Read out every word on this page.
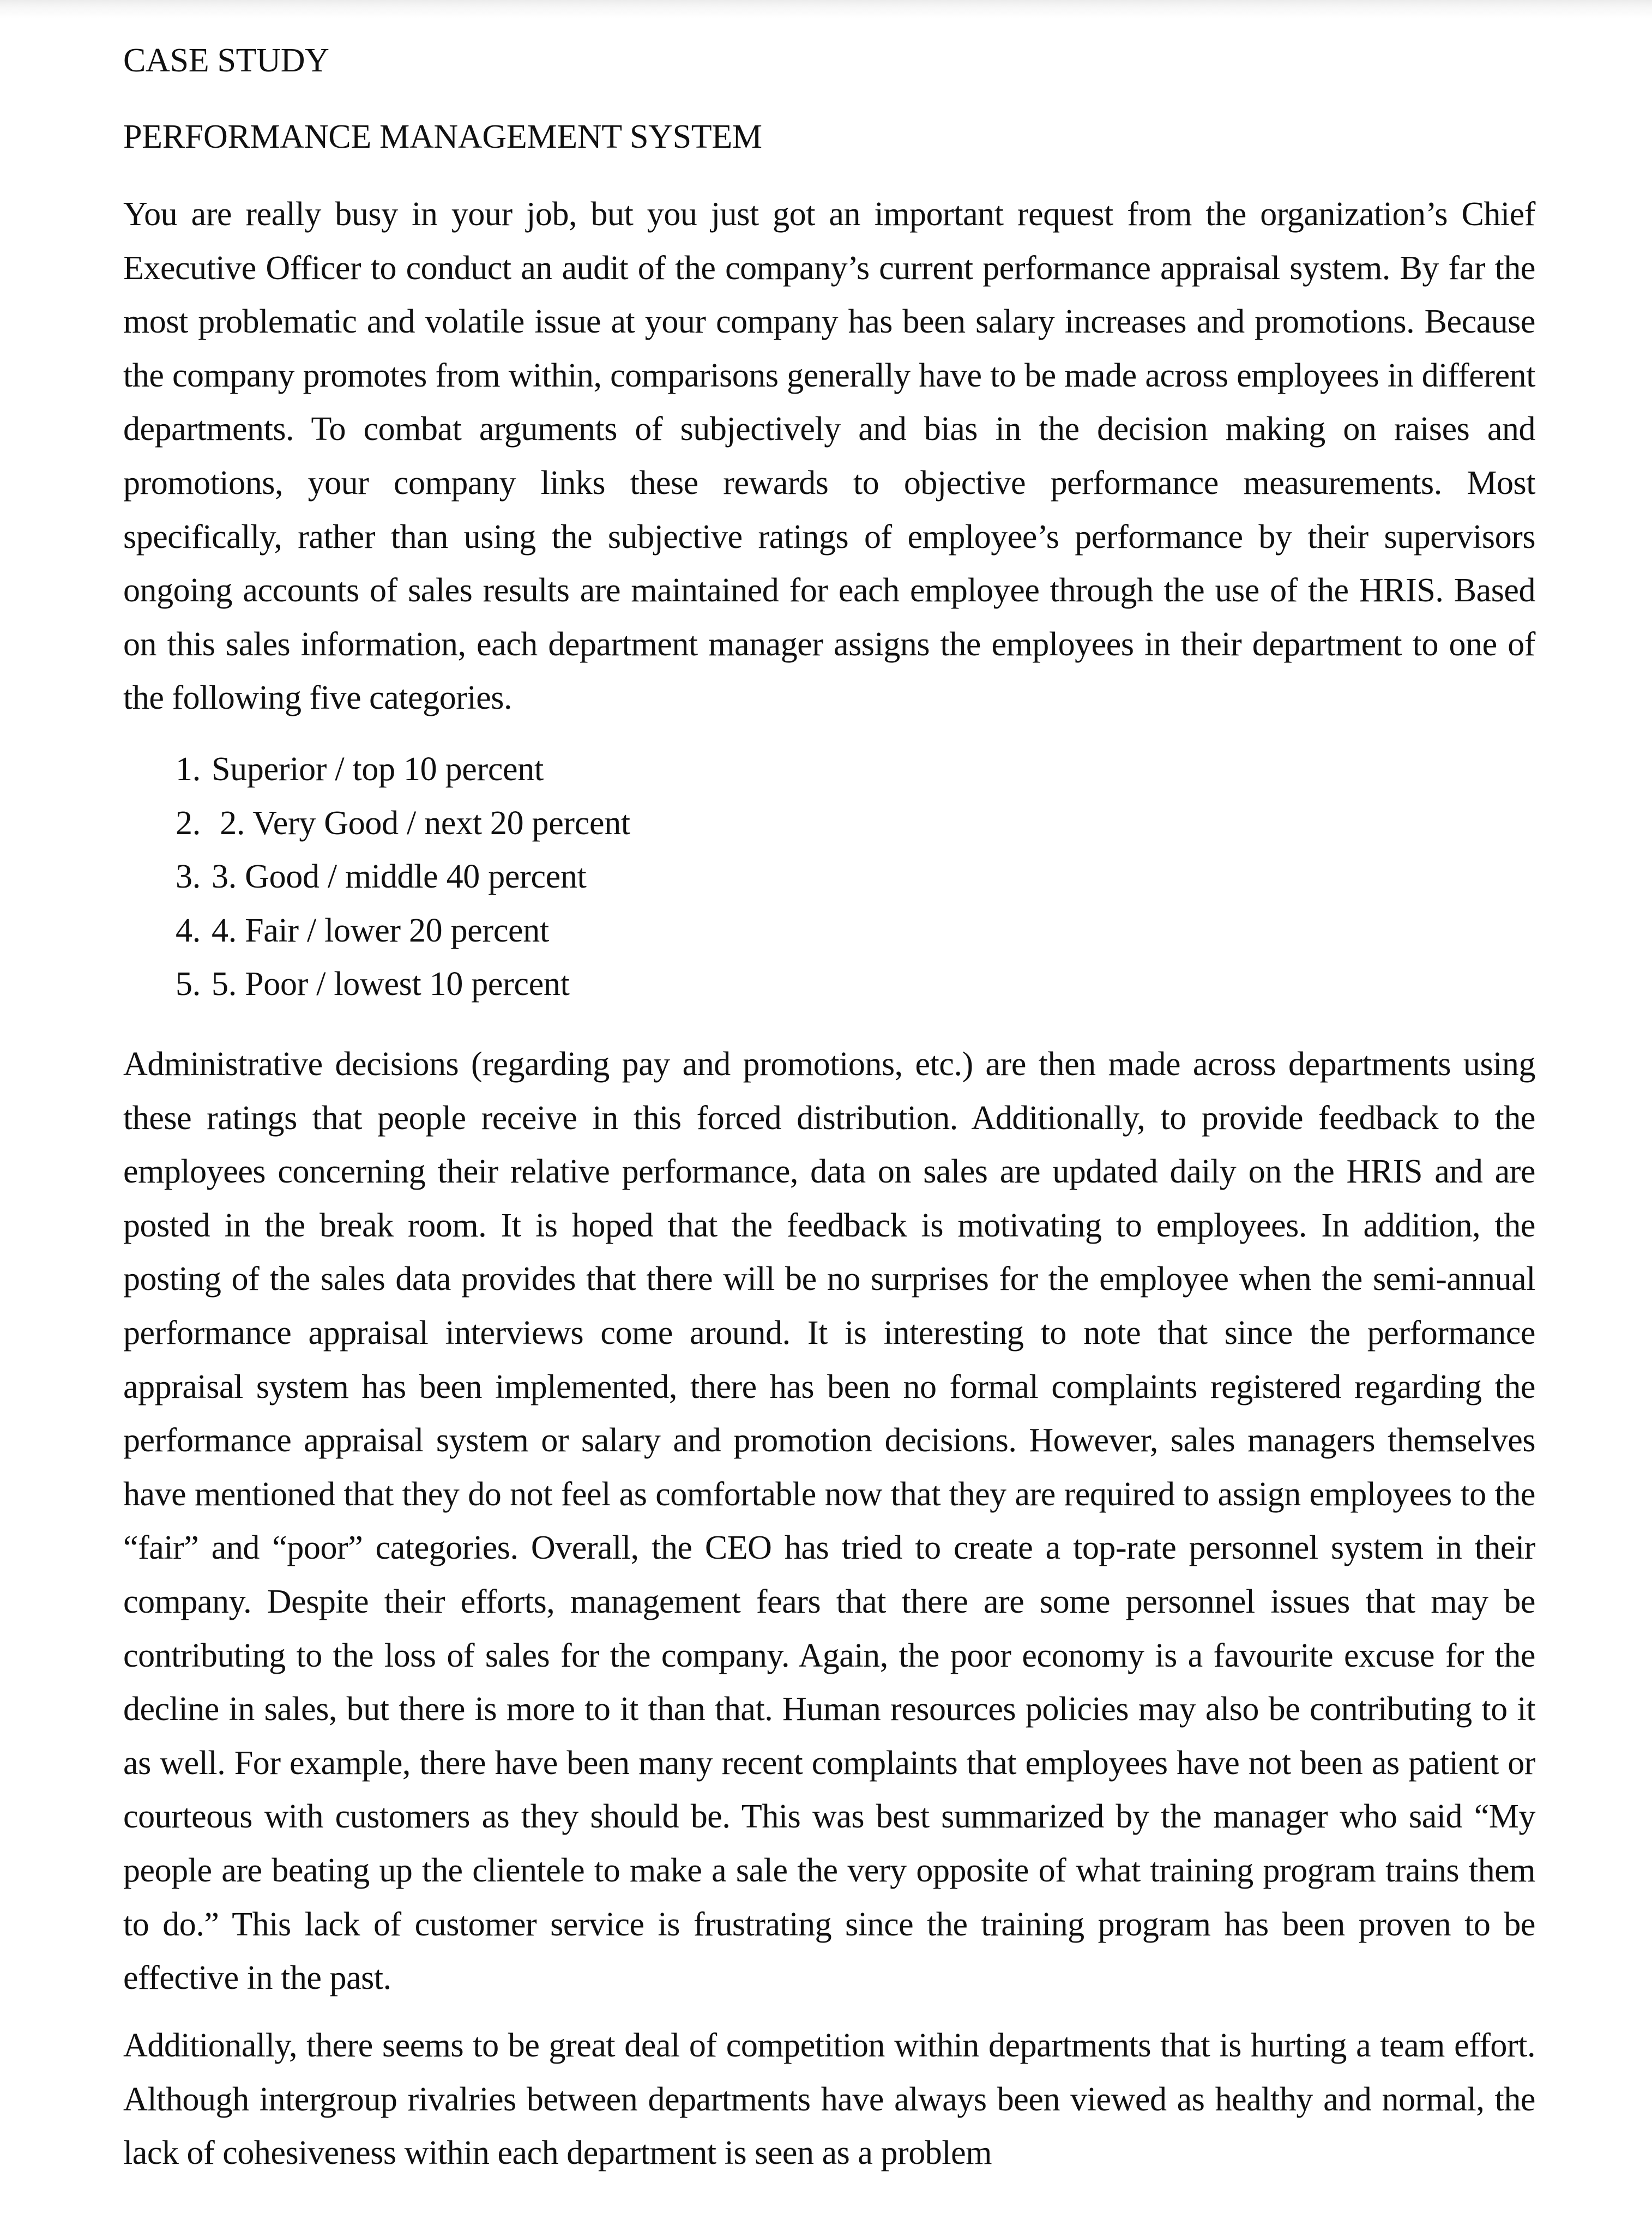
CASE STUDY
PERFORMANCE MANAGEMENT SYSTEM

You are really busy in your job, but you just got an important request from the organization’s Chief Executive Officer to conduct an audit of the company’s current performance appraisal system. By far the most problematic and volatile issue at your company has been salary increases and promotions. Because the company promotes from within, comparisons generally have to be made across employees in different departments. To combat arguments of subjectively and bias in the decision making on raises and promotions, your company links these rewards to objective performance measurements. Most specifically, rather than using the subjective ratings of employee’s performance by their supervisors ongoing accounts of sales results are maintained for each employee through the use of the HRIS. Based on this sales information, each department manager assigns the employees in their department to one of the following five categories.

1. Superior / top 10 percent
2. 2. Very Good / next 20 percent
3. 3. Good / middle 40 percent
4. 4. Fair / lower 20 percent
5. 5. Poor / lowest 10 percent

Administrative decisions (regarding pay and promotions, etc.) are then made across departments using these ratings that people receive in this forced distribution. Additionally, to provide feedback to the employees concerning their relative performance, data on sales are updated daily on the HRIS and are posted in the break room. It is hoped that the feedback is motivating to employees. In addition, the posting of the sales data provides that there will be no surprises for the employee when the semi-annual performance appraisal interviews come around. It is interesting to note that since the performance appraisal system has been implemented, there has been no formal complaints registered regarding the performance appraisal system or salary and promotion decisions. However, sales managers themselves have mentioned that they do not feel as comfortable now that they are required to assign employees to the “fair” and “poor” categories. Overall, the CEO has tried to create a top-rate personnel system in their company. Despite their efforts, management fears that there are some personnel issues that may be contributing to the loss of sales for the company. Again, the poor economy is a favourite excuse for the decline in sales, but there is more to it than that. Human resources policies may also be contributing to it as well. For example, there have been many recent complaints that employees have not been as patient or courteous with customers as they should be. This was best summarized by the manager who said “My people are beating up the clientele to make a sale the very opposite of what training program trains them to do.” This lack of customer service is frustrating since the training program has been proven to be effective in the past.

Additionally, there seems to be great deal of competition within departments that is hurting a team effort. Although intergroup rivalries between departments have always been viewed as healthy and normal, the lack of cohesiveness within each department is seen as a problem
